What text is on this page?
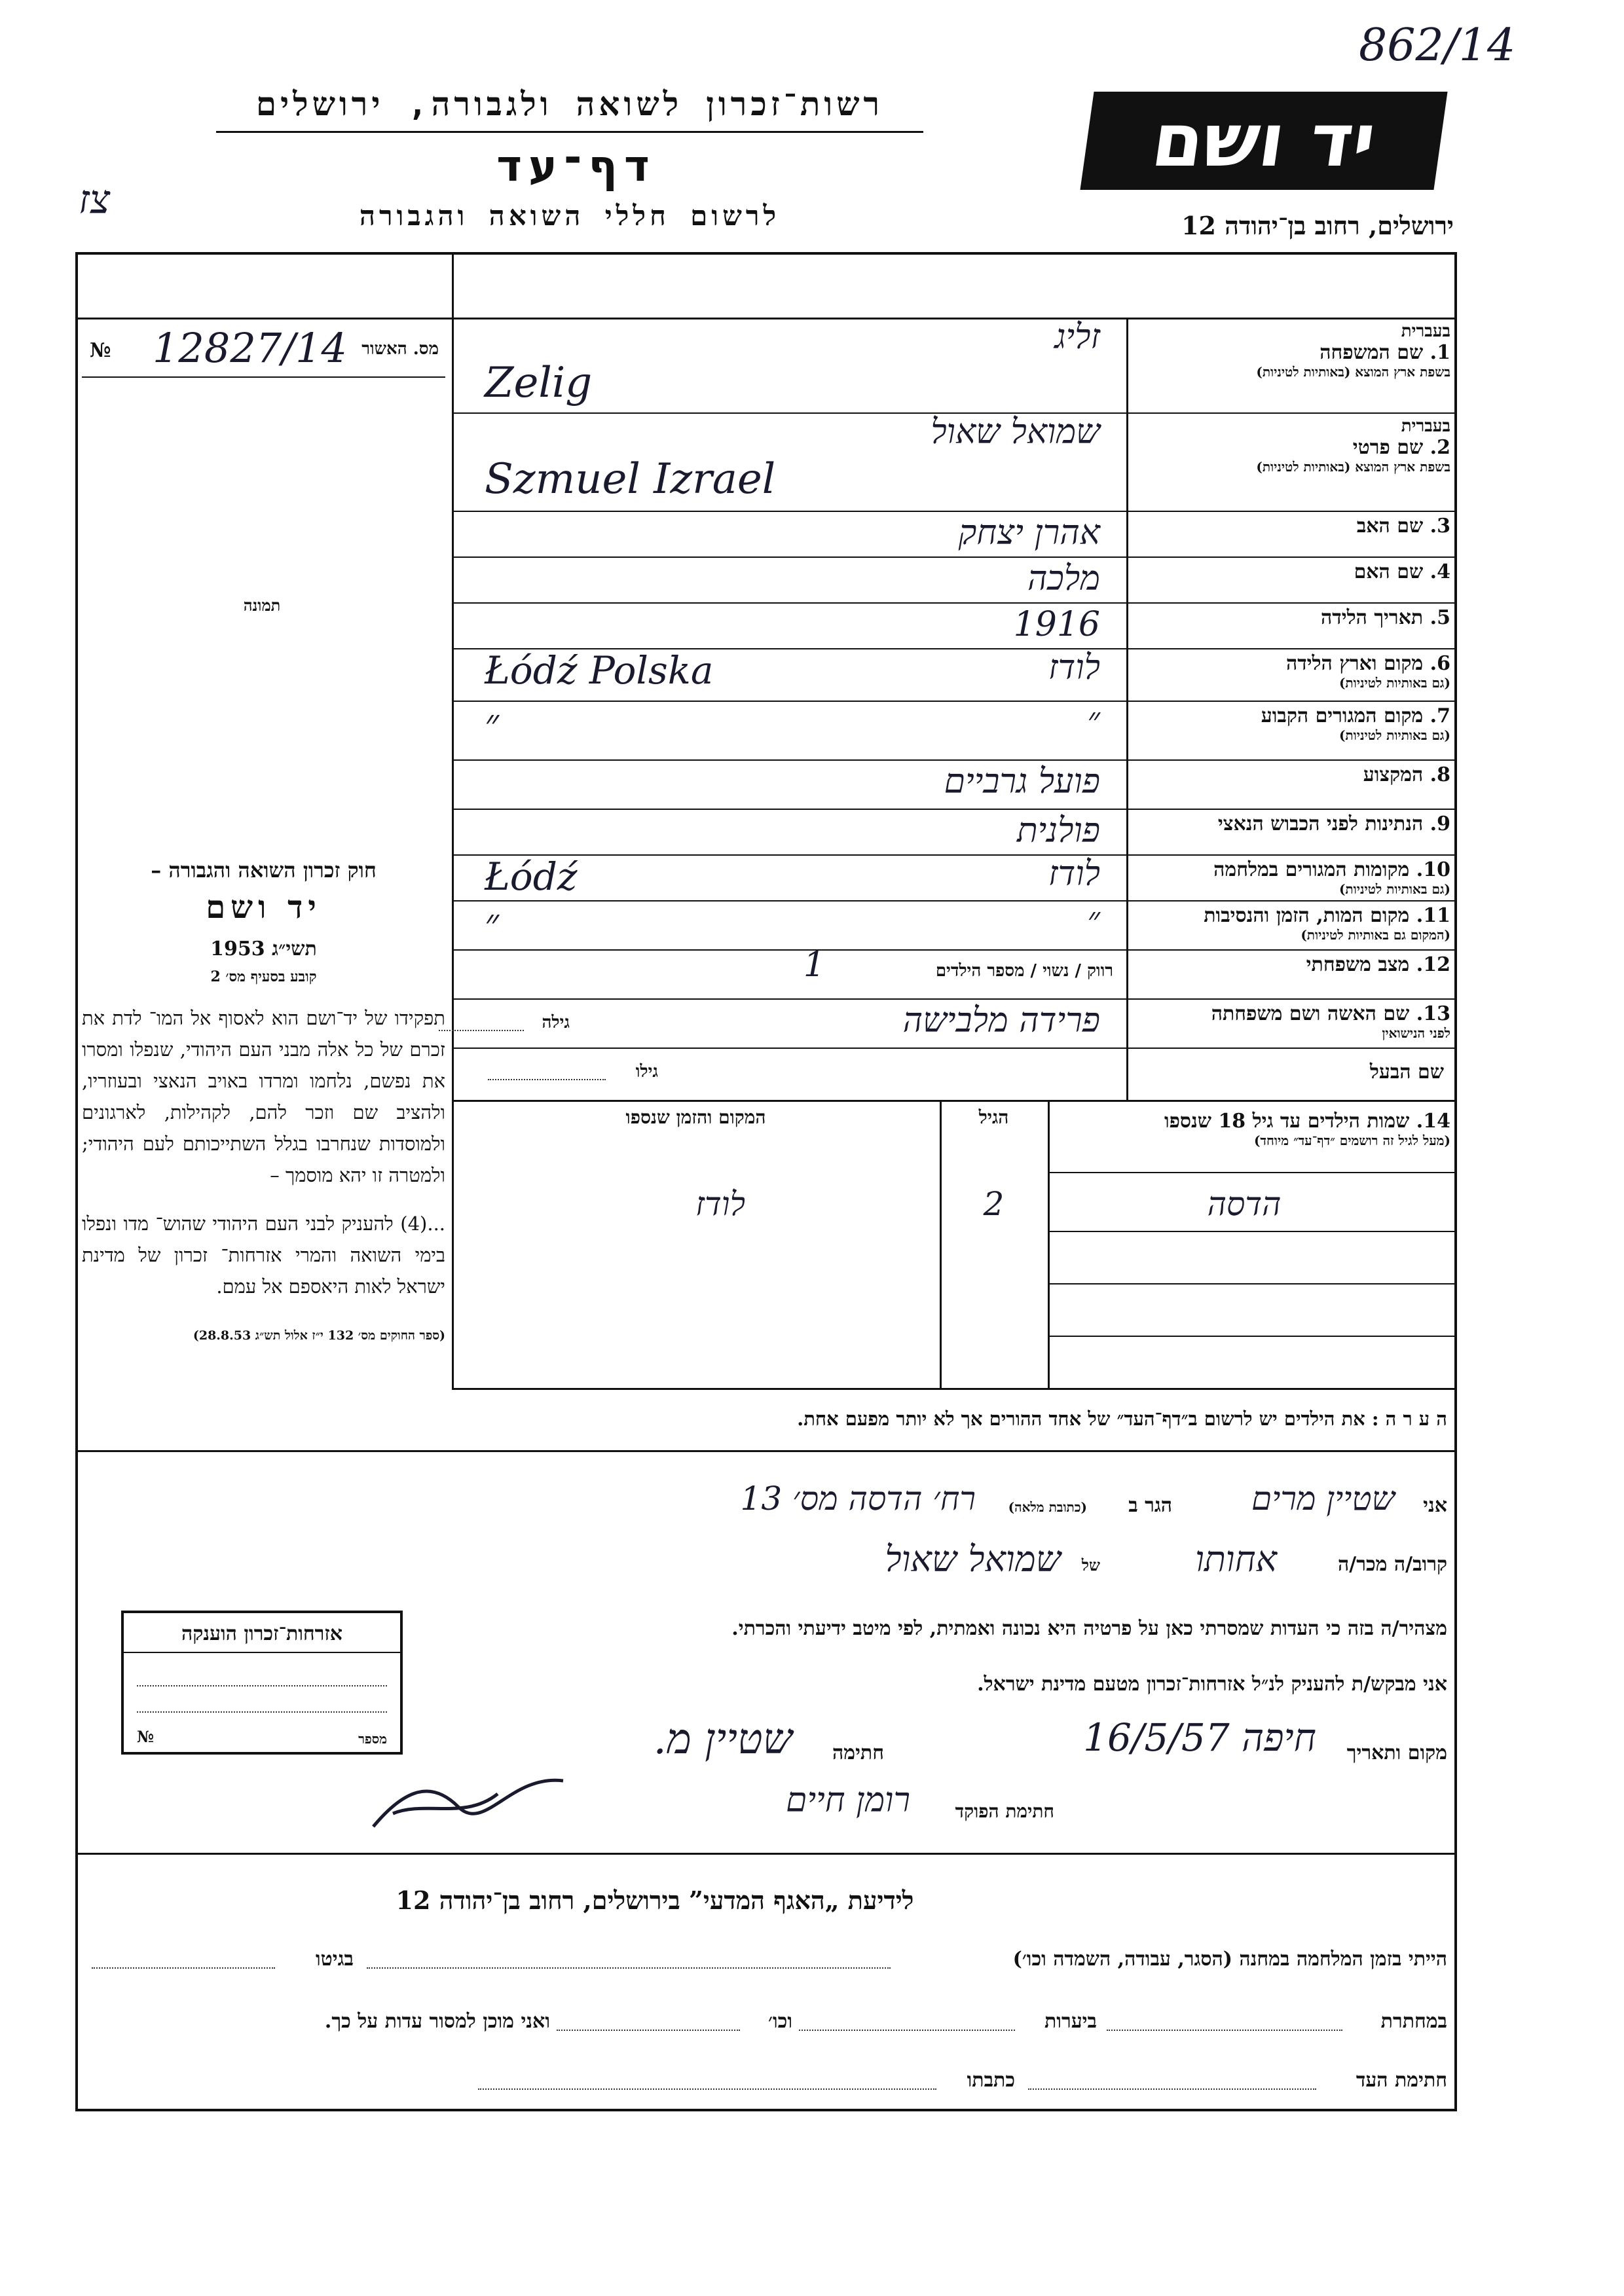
862/14
צז
יד ושם
רשות־זכרון לשואה ולגבורה, ירושלים
דף־עד
לרשום חללי השואה והגבורה	ירושלים, רחוב בן־יהודה 12
מס. האשור
12827/14
№
תמונה
חוק זכרון השואה והגבורה –
יד ושם
תשי״ג 1953
קובע בסעיף מס׳ 2
תפקידו של יד־ושם הוא לאסוף אל המו־ לדת את זכרם של כל אלה מבני העם היהודי, שנפלו ומסרו את נפשם, נלחמו ומרדו באויב הנאצי ובעוזריו, ולהציב שם וזכר להם, לקהילות, לארגונים ולמוסדות שנחרבו בגלל השתייכותם לעם היהודי; ולמטרה זו יהא מוסמך –
...(4) להעניק לבני העם היהודי שהוש־ מדו ונפלו בימי השואה והמרי אזרחות־ זכרון של מדינת ישראל לאות היאספם אל עמם.
(ספר החוקים מס׳ 132 י״ז אלול תש״ג 28.8.53)
בעברית
1. שם המשפחה
בשפת ארץ המוצא (באותיות לטיניות)
זליג
Zelig
בעברית
2. שם פרטי
בשפת ארץ המוצא (באותיות לטיניות)
שמואל שאול
Szmuel Izrael
3. שם האב
אהרן יצחק
4. שם האם
מלכה
5. תאריך הלידה
1916
6. מקום וארץ הלידה
(גם באותיות לטיניות)
לודז
Łódź Polska
7. מקום המגורים הקבוע
(גם באותיות לטיניות)
״
״
8. המקצוע
פועל גרביים
9. הנתינות לפני הכבוש הנאצי
פולנית
10. מקומות המגורים במלחמה
(גם באותיות לטיניות)
לודז
Łódź
11. מקום המות, הזמן והנסיבות
(המקום גם באותיות לטיניות)
״
״
12. מצב משפחתי
רווק / נשוי / מספר הילדים
1
13. שם האשה ושם משפחתה
לפני הנישואין
פרידה מלבישה
גילה
שם הבעל
גילו
14. שמות הילדים עד גיל 18 שנספו
(מעל לגיל זה רושמים ״דף־עד״ מיוחד)
הגיל
המקום והזמן שנספו
הדסה
2
לודז
ה ע ר ה : את הילדים יש לרשום ב״דף־העד״ של אחד ההורים אך לא יותר מפעם אחת.
אני
שטיין מרים
הגר ב
(כתובת מלאה)
רח׳ הדסה מס׳ 13
קרוב/ה מכר/ה
אחותו
של
שמואל שאול
מצהיר/ה בזה כי העדות שמסרתי כאן על פרטיה היא נכונה ואמתית, לפי מיטב ידיעתי והכרתי.
אני מבקש/ת להעניק לנ״ל אזרחות־זכרון מטעם מדינת ישראל.
מקום ותאריך
חיפה 16/5/57
חתימה
שטיין מ.
חתימת הפוקד
רומן חיים
אזרחות־זכרון הוענקה
מספר
№
לידיעת „האגף המדעי” בירושלים, רחוב בן־יהודה 12
הייתי בזמן המלחמה במחנה (הסגר, עבודה, השמדה וכו׳)
בגיטו
במחתרת
ביערות
וכו׳
ואני מוכן למסור עדות על כך.
חתימת העד
כתבתו
